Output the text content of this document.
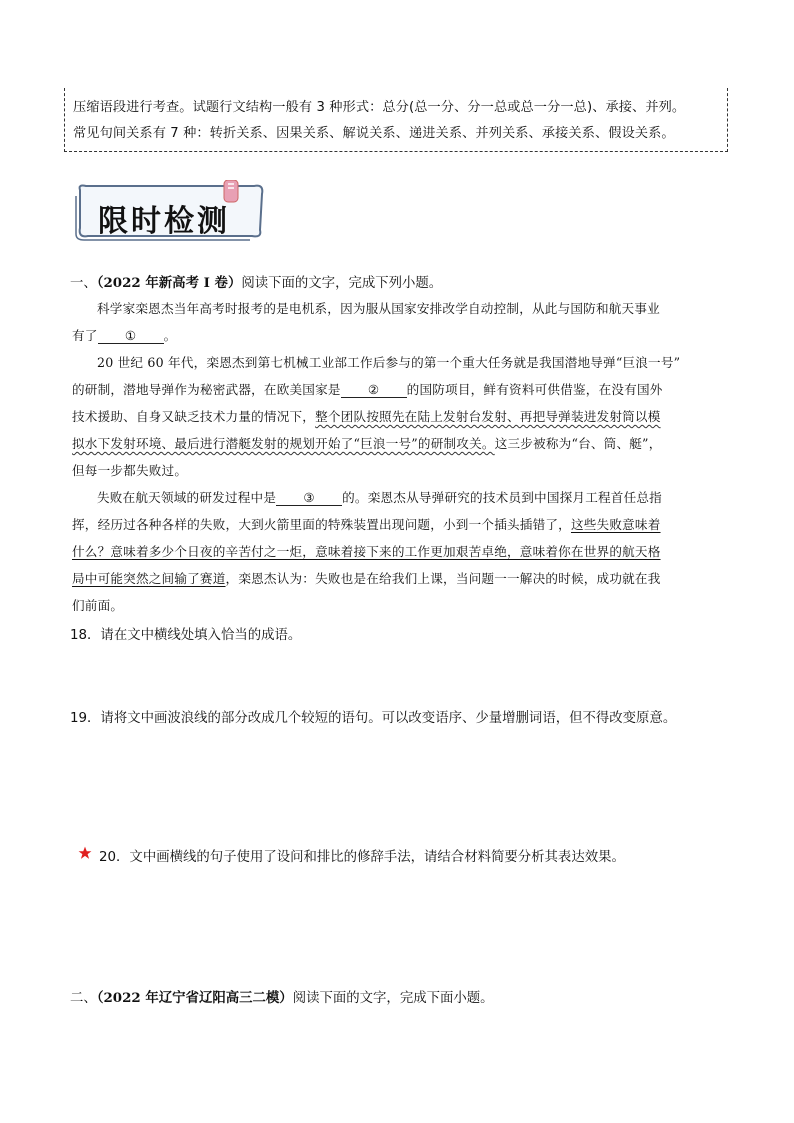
压缩语段进行考查。试题行文结构一般有 3 种形式：总分(总一分、分一总或总一分一总)、承接、并列。
常见句间关系有 7 种：转折关系、因果关系、解说关系、递进关系、并列关系、承接关系、假设关系。
限时检测
一、（2022 年新高考 I 卷）阅读下面的文字，完成下列小题。
科学家栾恩杰当年高考时报考的是电机系，因为服从国家安排改学自动控制，从此与国防和航天事业
有了 ① 。
20 世纪 60 年代，栾恩杰到第七机械工业部工作后参与的第一个重大任务就是我国潜地导弹“巨浪一号”
的研制，潜地导弹作为秘密武器，在欧美国家是 ② 的国防项目，鲜有资料可供借鉴，在没有国外
技术援助、自身又缺乏技术力量的情况下，整个团队按照先在陆上发射台发射、再把导弹装进发射筒以模
拟水下发射环境、最后进行潜艇发射的规划开始了“巨浪一号”的研制攻关。这三步被称为“台、筒、艇”，
但每一步都失败过。
失败在航天领域的研发过程中是 ③ 的。栾恩杰从导弹研究的技术员到中国探月工程首任总指
挥，经历过各种各样的失败，大到火箭里面的特殊装置出现问题，小到一个插头插错了，这些失败意味着
什么？意味着多少个日夜的辛苦付之一炬，意味着接下来的工作更加艰苦卓绝，意味着你在世界的航天格
局中可能突然之间输了赛道，栾恩杰认为：失败也是在给我们上课，当问题一一解决的时候，成功就在我
们前面。
18．请在文中横线处填入恰当的成语。
19．请将文中画波浪线的部分改成几个较短的语句。可以改变语序、少量增删词语，但不得改变原意。
20．文中画横线的句子使用了设问和排比的修辞手法，请结合材料简要分析其表达效果。
二、（2022 年辽宁省辽阳高三二模）阅读下面的文字，完成下面小题。
